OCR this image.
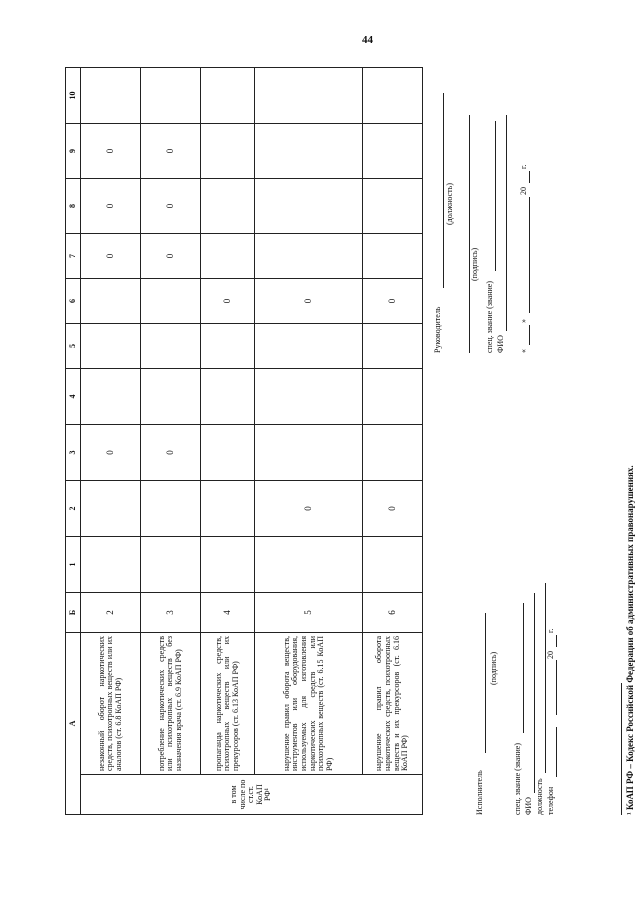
44
А		Б	1	2	3	4	5	6	7	8	9	10
в том числе по ст.ст. КоАП РФ¹	незаконный оборот наркотических средств, психотропных веществ или их аналогов (ст. 6.8 КоАП РФ)	2			0				0	0	0	
	потребление наркотических средств или психотропных веществ без назначения врача (ст. 6.9 КоАП РФ)	3			0				0	0	0	
	пропаганда наркотических средств, психотропных веществ или их прекурсоров (ст. 6.13 КоАП РФ)	4						0				
	нарушение правил оборота веществ, инструментов или оборудования, используемых для изготовления наркотических средств или психотропных веществ (ст. 6.15 КоАП РФ)	5		0				0				
	нарушение правил оборота наркотических средств, психотропных веществ и их прекурсоров (ст. 6.16 КоАП РФ)	6		0				0				
Исполнитель
(подпись)
спец. звание (звание) ФИО должность телефон
20
г.
Руководитель
(должность)
(подпись)
спец. звание (звание) ФИО «
»
20
г.
¹ КоАП РФ – Кодекс Российской Федерации об административных правонарушениях.
